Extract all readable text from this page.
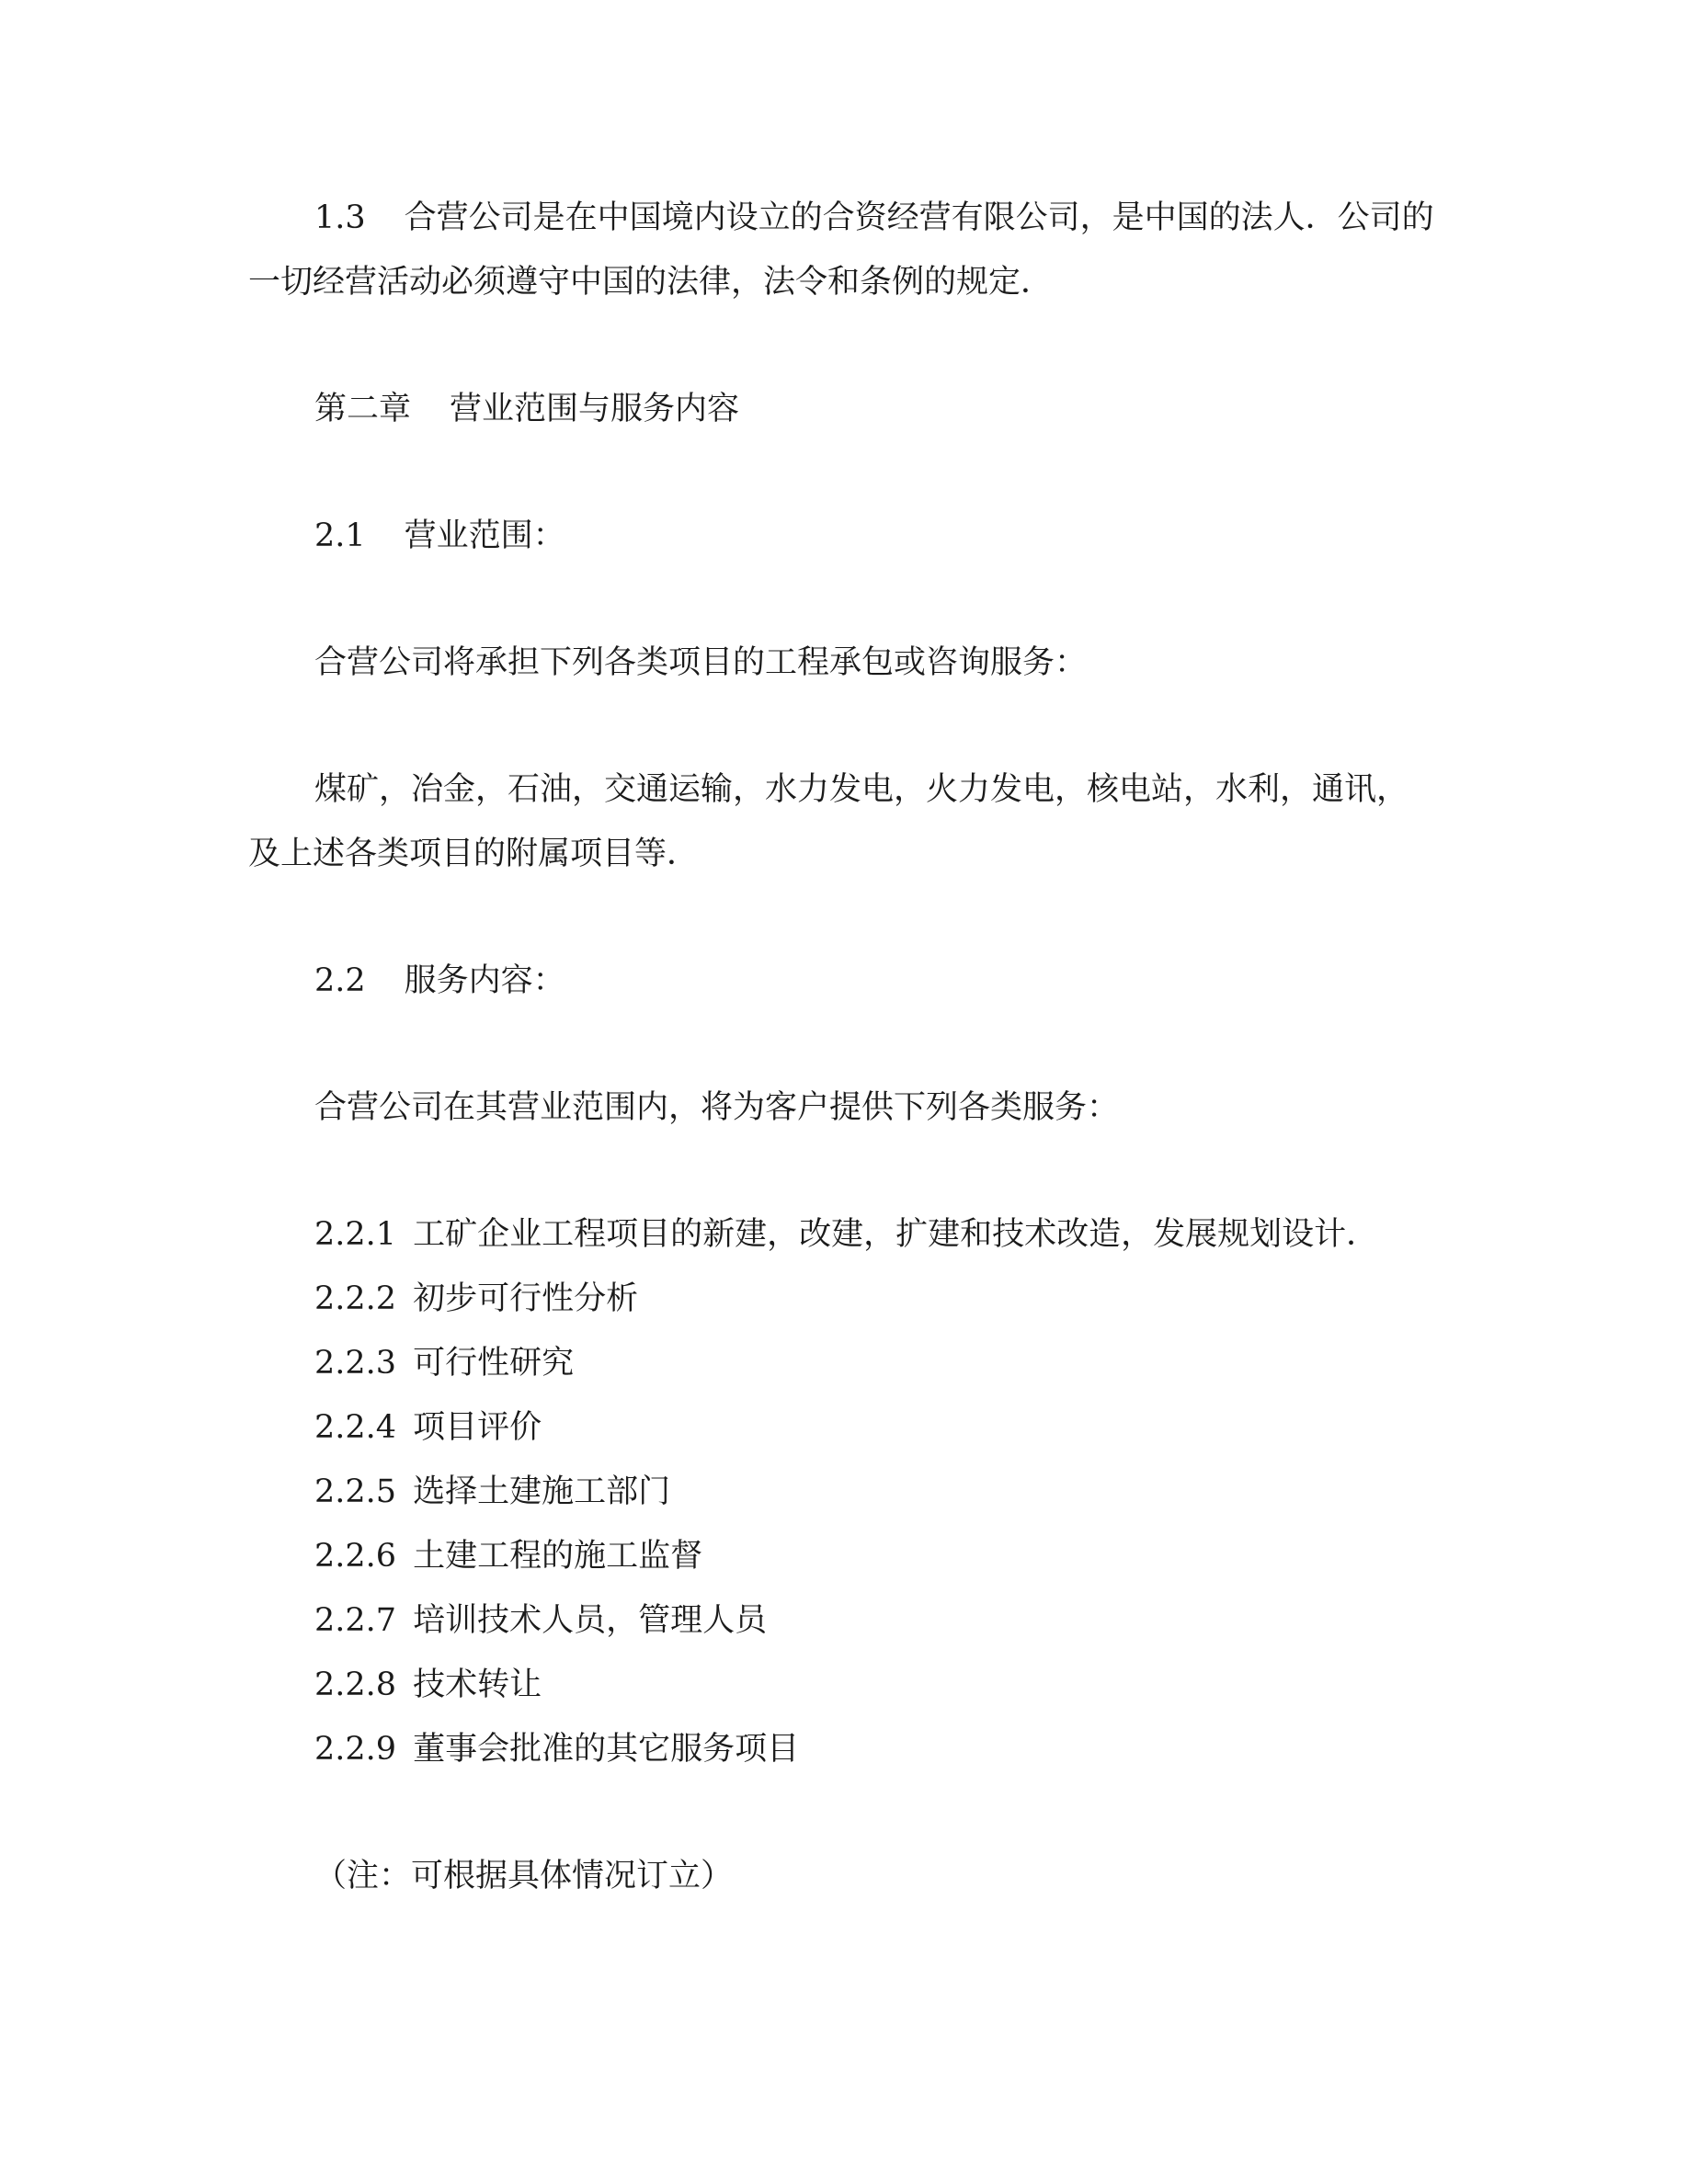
1.3 合营公司是在中国境内设立的合资经营有限公司，是中国的法人．公司的
一切经营活动必须遵守中国的法律，法令和条例的规定．
第二章 营业范围与服务内容
2.1 营业范围：
合营公司将承担下列各类项目的工程承包或咨询服务：
煤矿，冶金，石油，交通运输，水力发电，火力发电，核电站，水利，通讯，
及上述各类项目的附属项目等．
2.2 服务内容：
合营公司在其营业范围内，将为客户提供下列各类服务：
2.2.1 工矿企业工程项目的新建，改建，扩建和技术改造，发展规划设计．
2.2.2 初步可行性分析
2.2.3 可行性研究
2.2.4 项目评价
2.2.5 选择土建施工部门
2.2.6 土建工程的施工监督
2.2.7 培训技术人员，管理人员
2.2.8 技术转让
2.2.9 董事会批准的其它服务项目
（注：可根据具体情况订立）
